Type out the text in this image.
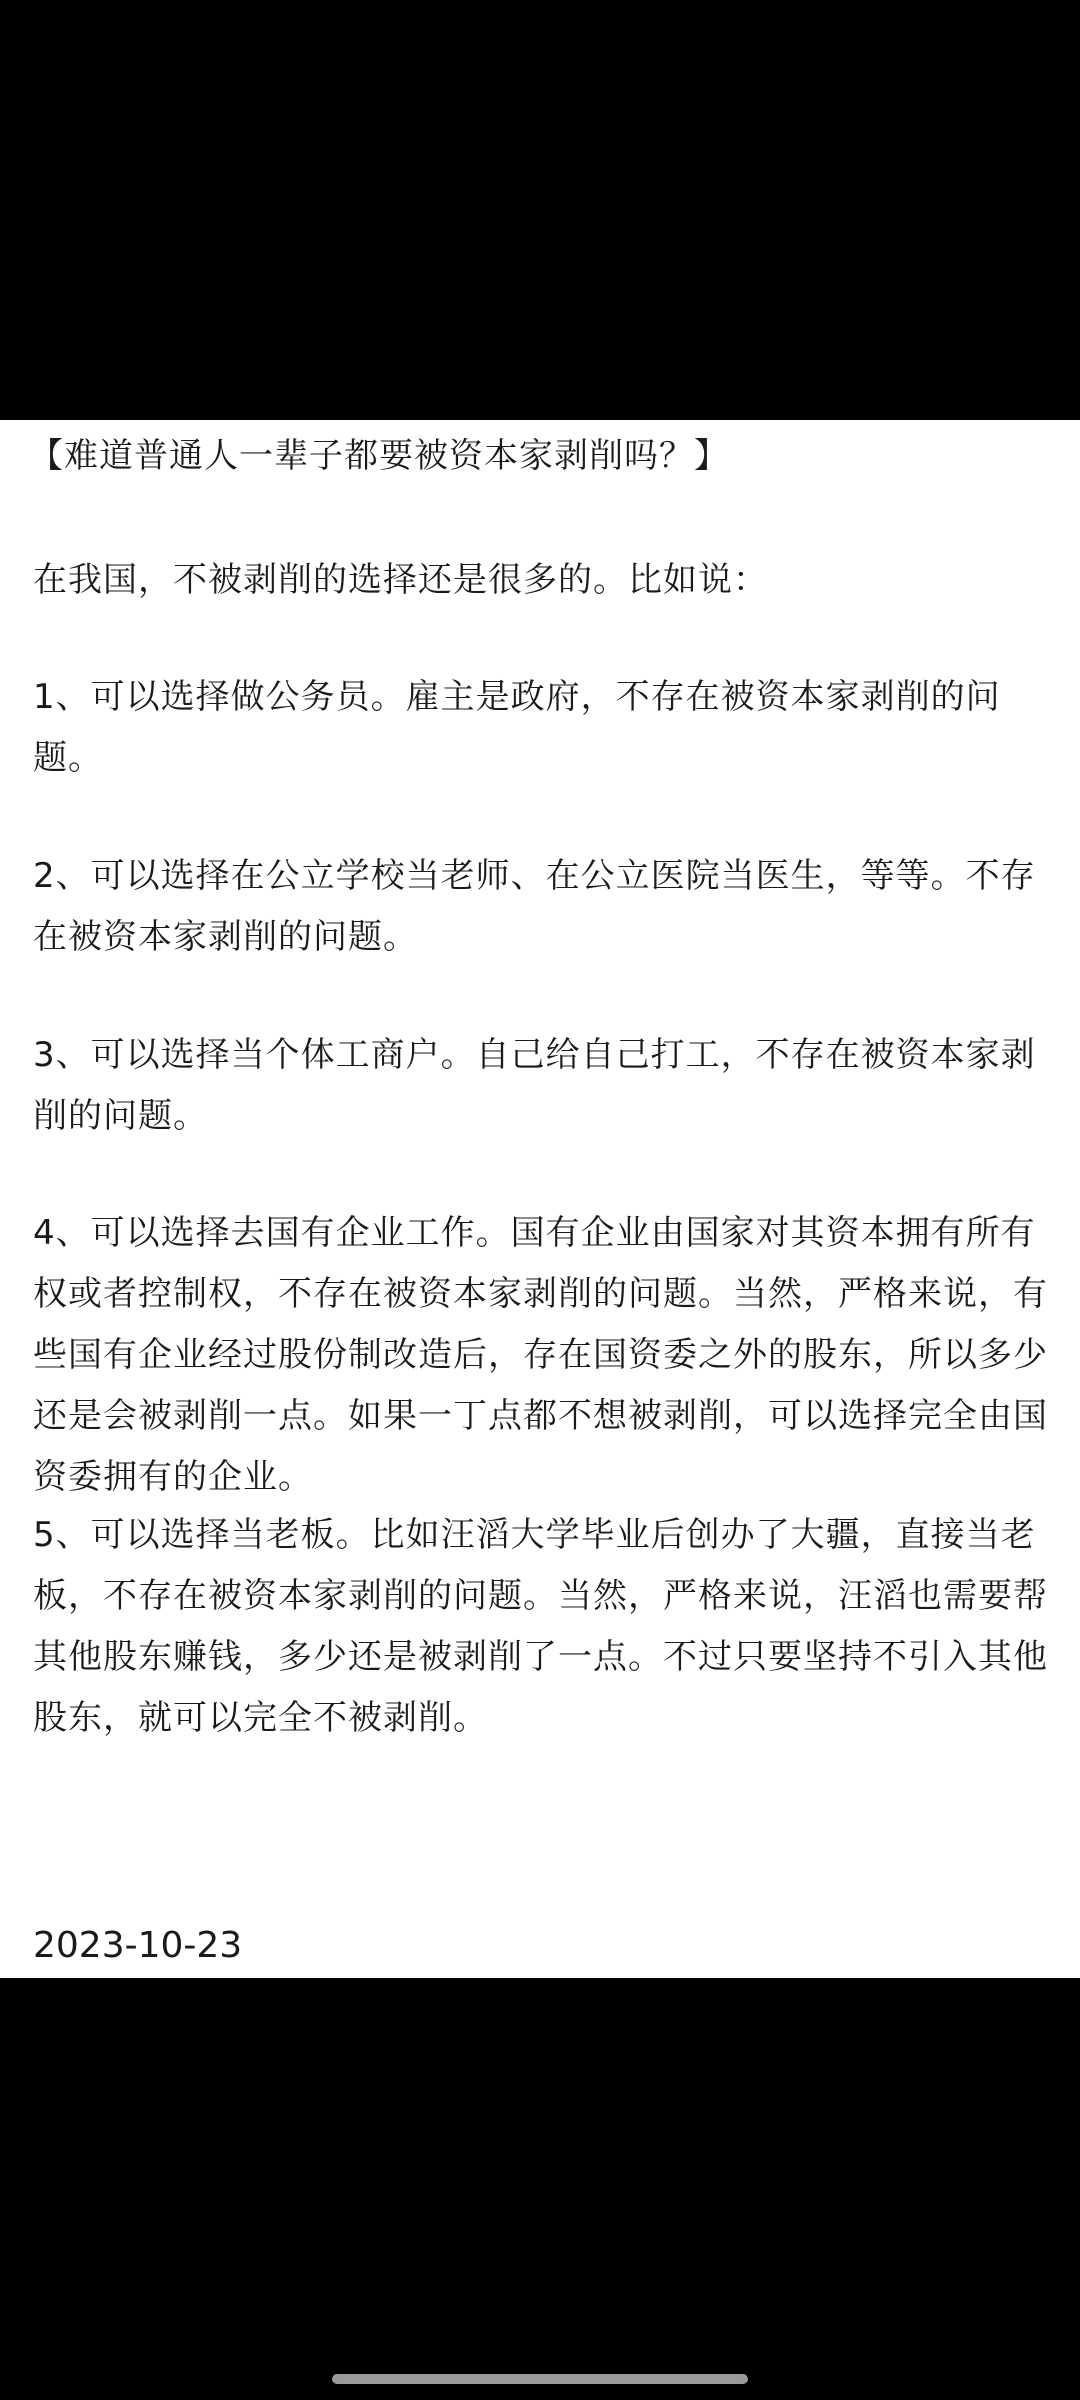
【难道普通人一辈子都要被资本家剥削吗？】

在我国，不被剥削的选择还是很多的。比如说：

1、可以选择做公务员。雇主是政府，不存在被资本家剥削的问题。

2、可以选择在公立学校当老师、在公立医院当医生，等等。不存在被资本家剥削的问题。

3、可以选择当个体工商户。自己给自己打工，不存在被资本家剥削的问题。

4、可以选择去国有企业工作。国有企业由国家对其资本拥有所有权或者控制权，不存在被资本家剥削的问题。当然，严格来说，有些国有企业经过股份制改造后，存在国资委之外的股东，所以多少还是会被剥削一点。如果一丁点都不想被剥削，可以选择完全由国资委拥有的企业。

5、可以选择当老板。比如汪滔大学毕业后创办了大疆，直接当老板，不存在被资本家剥削的问题。当然，严格来说，汪滔也需要帮其他股东赚钱，多少还是被剥削了一点。不过只要坚持不引入其他股东，就可以完全不被剥削。

2023-10-23
